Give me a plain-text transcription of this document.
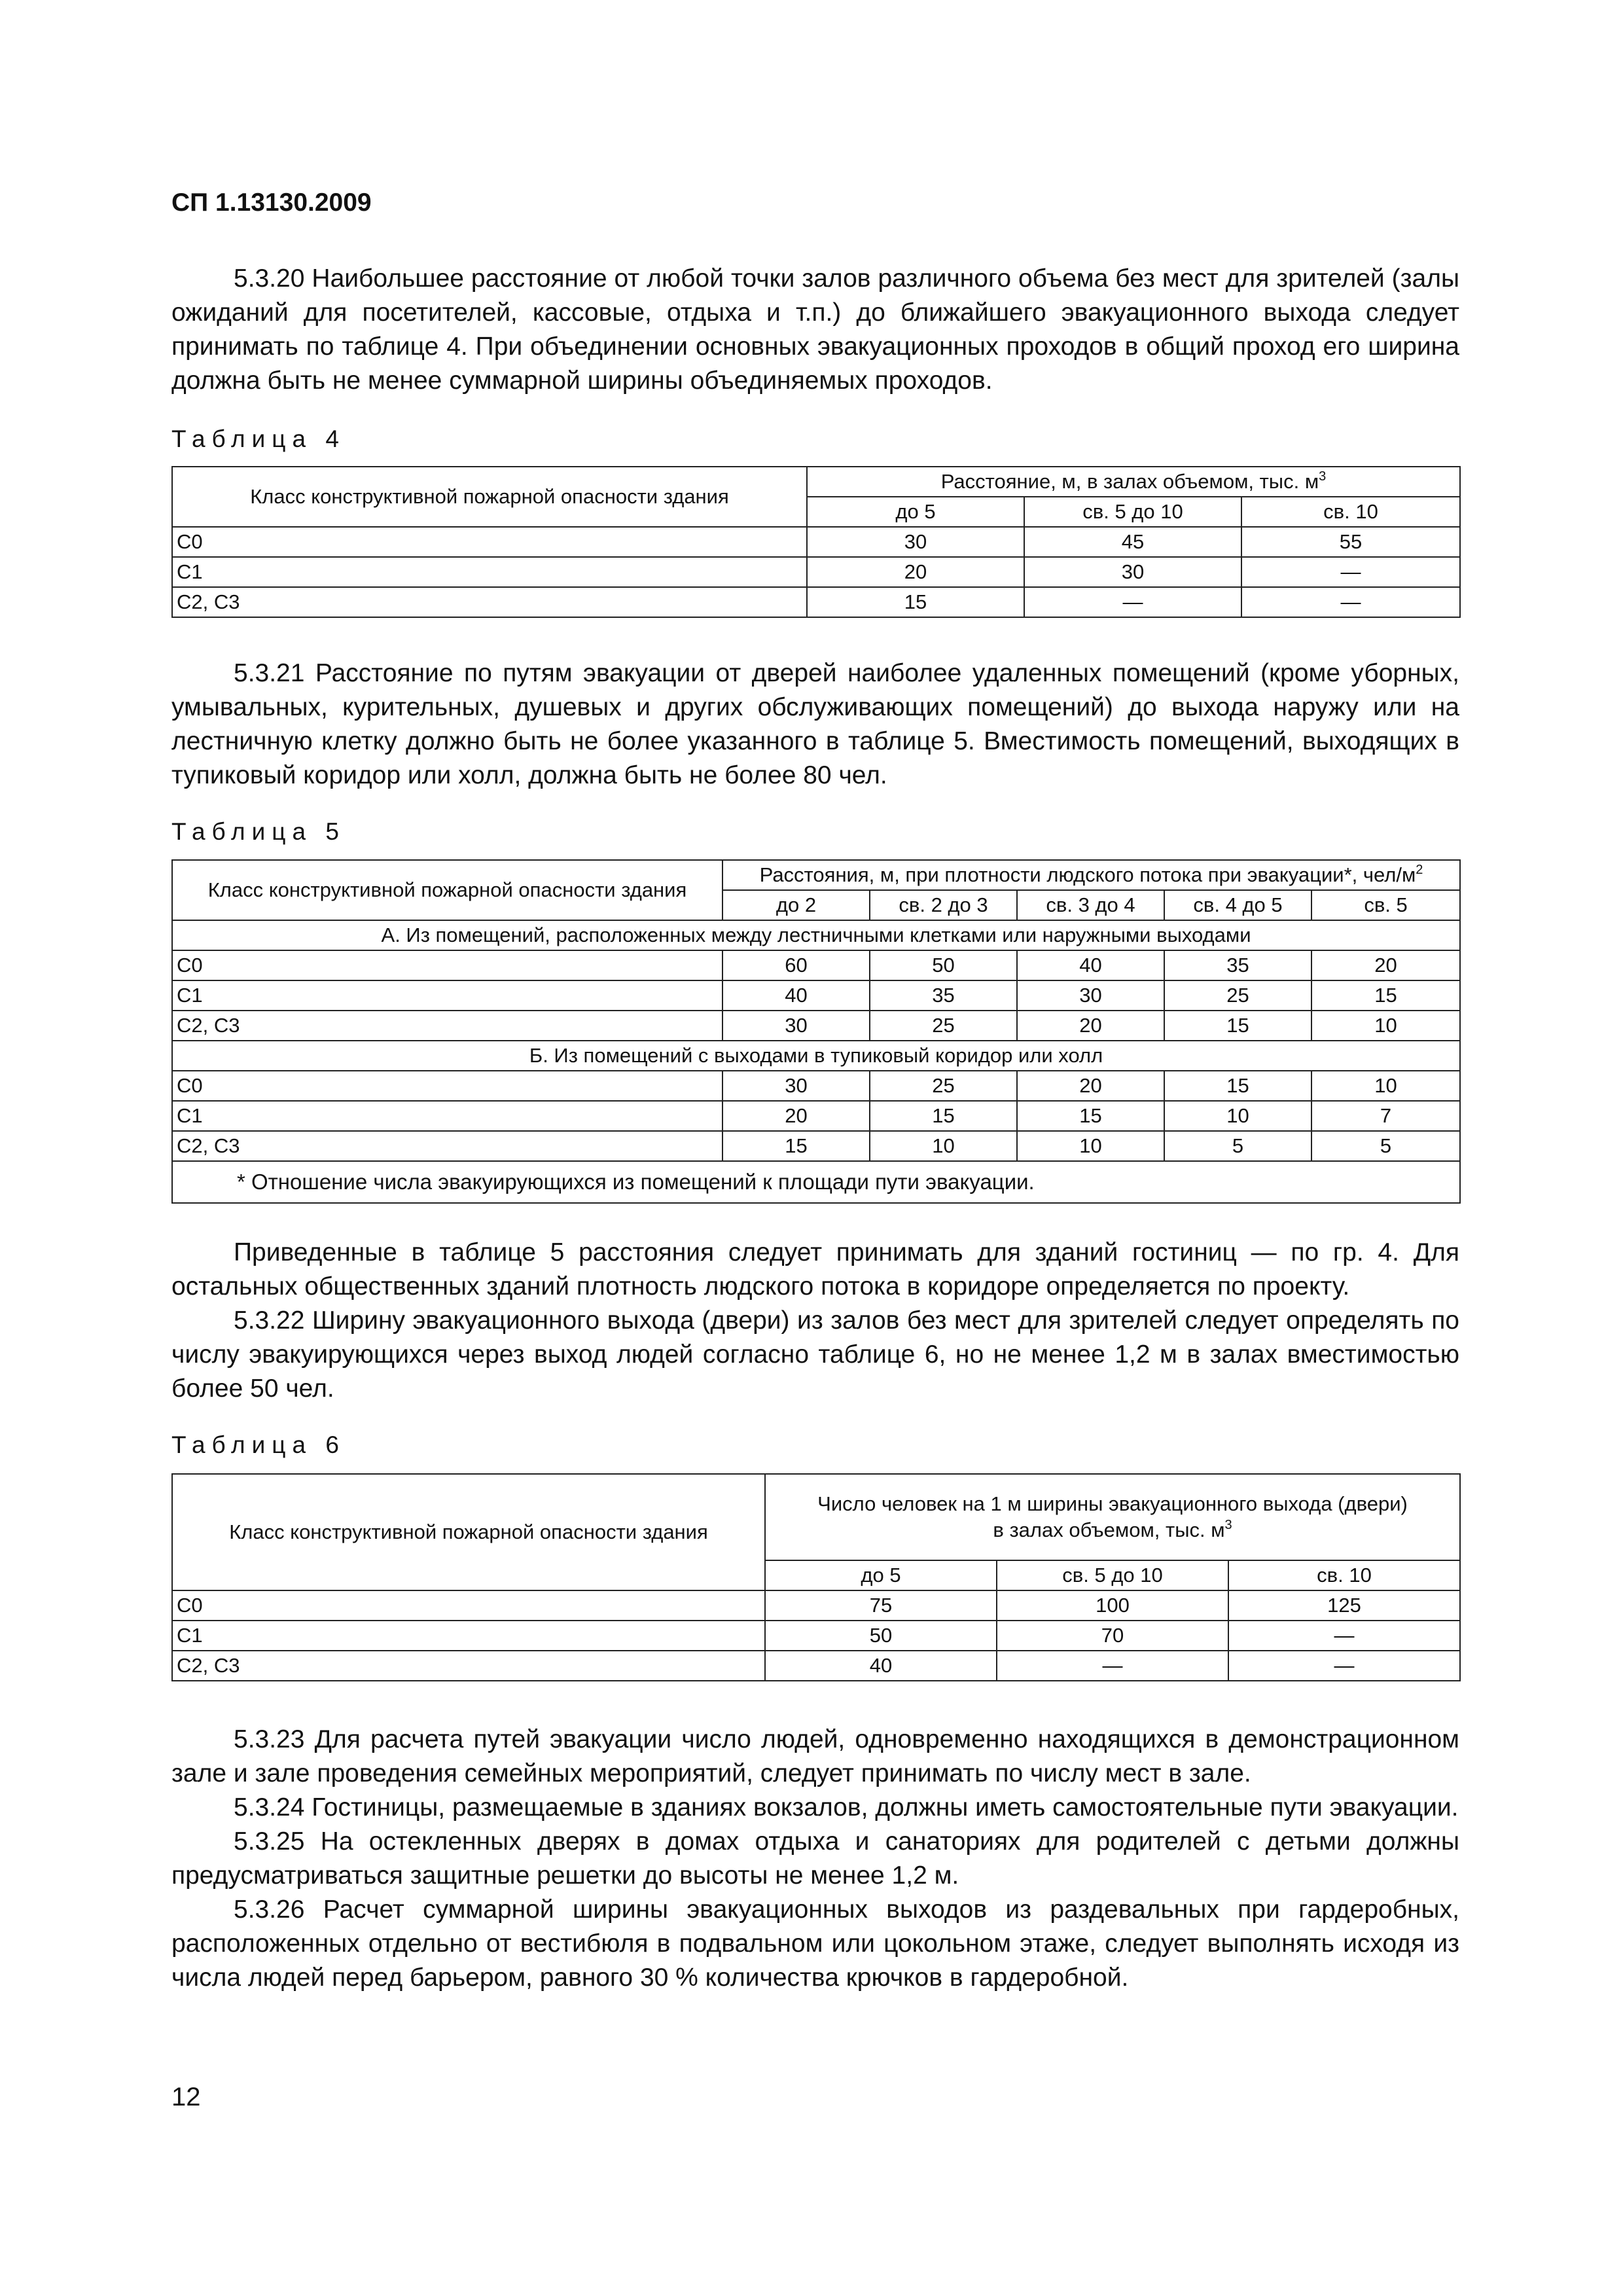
СП 1.13130.2009

5.3.20 Наибольшее расстояние от любой точки залов различного объема без мест для зрителей (залы ожиданий для посетителей, кассовые, отдыха и т.п.) до ближайшего эвакуационного выхода следует принимать по таблице 4. При объединении основных эвакуационных проходов в общий проход его ширина должна быть не менее суммарной ширины объединяемых проходов.

Таблица 4
Класс конструктивной пожарной опасности здания	Расстояние, м, в залах объемом, тыс. $м^3$
	до 5	св. 5 до 10	св. 10
С0	30	45	55
С1	20	30	—
С2, С3	15	—	—

5.3.21 Расстояние по путям эвакуации от дверей наиболее удаленных помещений (кроме уборных, умывальных, курительных, душевых и других обслуживающих помещений) до выхода наружу или на лестничную клетку должно быть не более указанного в таблице 5. Вместимость помещений, выходящих в тупиковый коридор или холл, должна быть не более 80 чел.

Таблица 5
Класс конструктивной пожарной опасности здания	Расстояния, м, при плотности людского потока при эвакуации*, чел/$м^2$
	до 2	св. 2 до 3	св. 3 до 4	св. 4 до 5	св. 5
А. Из помещений, расположенных между лестничными клетками или наружными выходами					
С0	60	50	40	35	20
С1	40	35	30	25	15
С2, С3	30	25	20	15	10
Б. Из помещений с выходами в тупиковый коридор или холл					
С0	30	25	20	15	10
С1	20	15	15	10	7
С2, С3	15	10	10	5	5
* Отношение числа эвакуирующихся из помещений к площади пути эвакуации.					

Приведенные в таблице 5 расстояния следует принимать для зданий гостиниц — по гр. 4. Для остальных общественных зданий плотность людского потока в коридоре определяется по проекту.

5.3.22 Ширину эвакуационного выхода (двери) из залов без мест для зрителей следует определять по числу эвакуирующихся через выход людей согласно таблице 6, но не менее 1,2 м в залах вместимостью более 50 чел.

Таблица 6
Класс конструктивной пожарной опасности здания	Число человек на 1 м ширины эвакуационного выхода (двери)
в залах объемом, тыс. $м^3$
	до 5	св. 5 до 10	св. 10
С0	75	100	125
С1	50	70	—
С2, С3	40	—	—

5.3.23 Для расчета путей эвакуации число людей, одновременно находящихся в демонстрационном зале и зале проведения семейных мероприятий, следует принимать по числу мест в зале.

5.3.24 Гостиницы, размещаемые в зданиях вокзалов, должны иметь самостоятельные пути эвакуации.

5.3.25 На остекленных дверях в домах отдыха и санаториях для родителей с детьми должны предусматриваться защитные решетки до высоты не менее 1,2 м.

5.3.26 Расчет суммарной ширины эвакуационных выходов из раздевальных при гардеробных, расположенных отдельно от вестибюля в подвальном или цокольном этаже, следует выполнять исходя из числа людей перед барьером, равного 30 % количества крючков в гардеробной.

12
